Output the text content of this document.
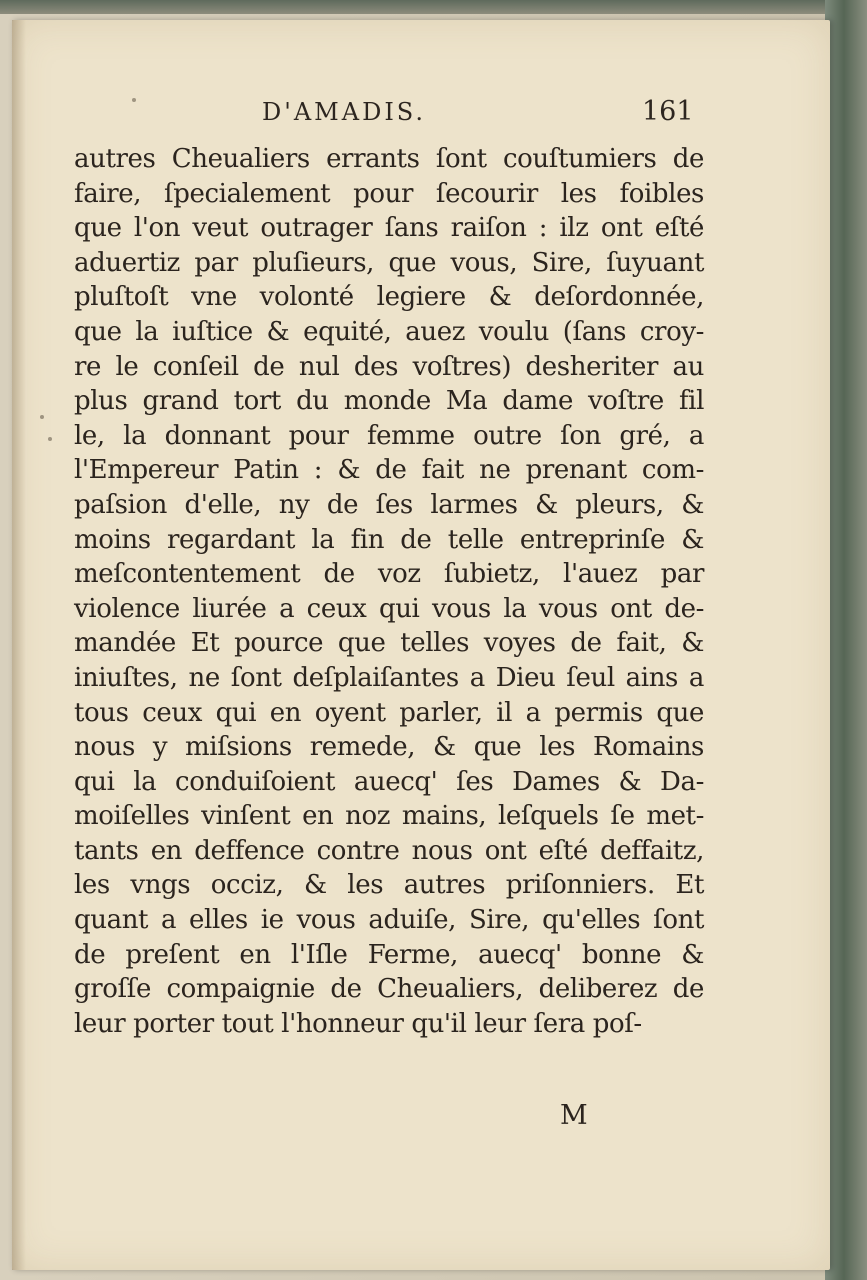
D'AMADIS.	161
autres Cheualiers errants ſont couſtumiers de
faire, ſpecialement pour ſecourir les foibles
que l'on veut outrager ſans raiſon : ilz ont eſté
aduertiz par pluſieurs, que vous, Sire, ſuyuant
pluſtoſt vne volonté legiere & deſordonnée,
que la iuſtice & equité, auez voulu (ſans croy-
re le conſeil de nul des voſtres) desheriter au
plus grand tort du monde Ma dame voſtre fil
le, la donnant pour femme outre ſon gré, a
l'Empereur Patin : & de fait ne prenant com-
paſsion d'elle, ny de ſes larmes & pleurs, &
moins regardant la fin de telle entreprinſe &
meſcontentement de voz ſubietz, l'auez par
violence liurée a ceux qui vous la vous ont de-
mandée Et pource que telles voyes de fait, &
iniuſtes, ne ſont deſplaiſantes a Dieu ſeul ains a
tous ceux qui en oyent parler, il a permis que
nous y miſsions remede, & que les Romains
qui la conduiſoient auecq' ſes Dames & Da-
moiſelles vinſent en noz mains, leſquels ſe met-
tants en deffence contre nous ont eſté deffaitz,
les vngs occiz, & les autres priſonniers. Et
quant a elles ie vous aduiſe, Sire, qu'elles ſont
de preſent en l'Iſle Ferme, auecq' bonne &
groſſe compaignie de Cheualiers, deliberez de
leur porter tout l'honneur qu'il leur ſera poſ-
M
